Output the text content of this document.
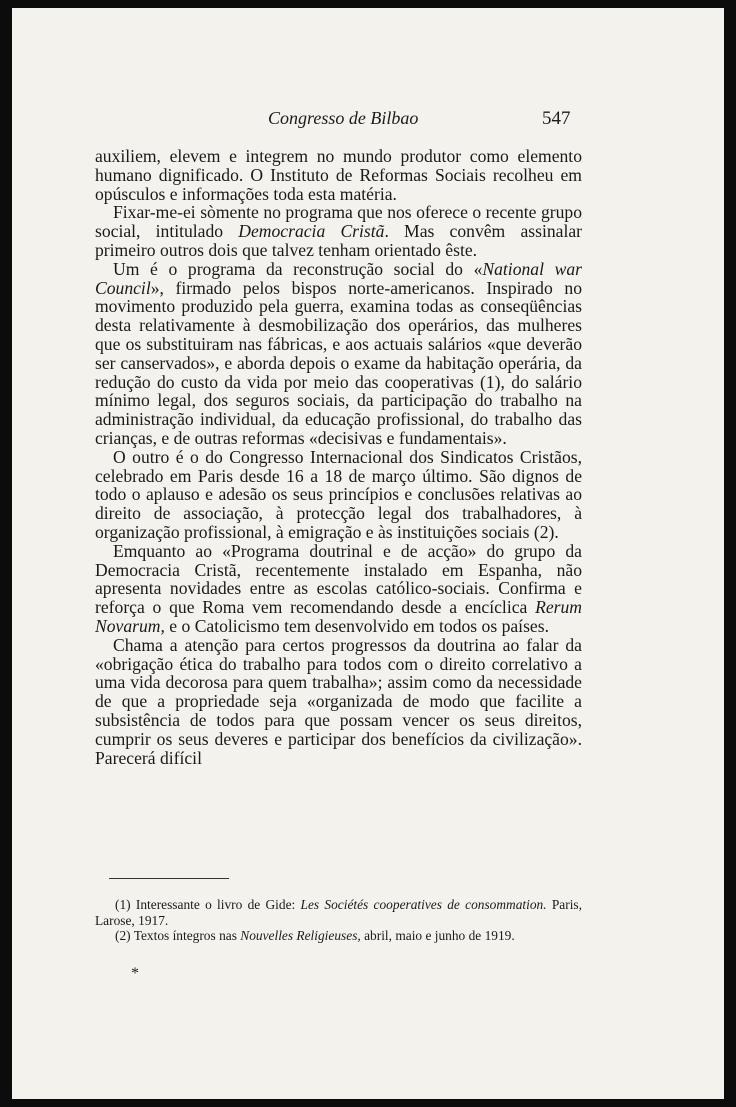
Congresso de Bilbao	547

auxiliem, elevem e integrem no mundo produtor como elemento humano dignificado. O Instituto de Reformas Sociais recolheu em opúsculos e informações toda esta matéria.

Fixar-me-ei sòmente no programa que nos oferece o recente grupo social, intitulado Democracia Cristã. Mas convêm assinalar primeiro outros dois que talvez tenham orientado êste.

Um é o programa da reconstrução social do «National war Council», firmado pelos bispos norte-americanos. Inspirado no movimento produzido pela guerra, examina todas as conseqüências desta relativamente à desmobilização dos operários, das mulheres que os substituiram nas fábricas, e aos actuais salários «que deverão ser canservados», e aborda depois o exame da habitação operária, da redução do custo da vida por meio das cooperativas (1), do salário mínimo legal, dos seguros sociais, da participação do trabalho na administração individual, da educação profissional, do trabalho das crianças, e de outras reformas «decisivas e fundamentais».

O outro é o do Congresso Internacional dos Sindicatos Cristãos, celebrado em Paris desde 16 a 18 de março último. São dignos de todo o aplauso e adesão os seus princípios e conclusões relativas ao direito de associação, à protecção legal dos trabalhadores, à organização profissional, à emigração e às instituições sociais (2).

Emquanto ao «Programa doutrinal e de acção» do grupo da Democracia Cristã, recentemente instalado em Espanha, não apresenta novidades entre as escolas católico-sociais. Confirma e reforça o que Roma vem recomendando desde a encíclica Rerum Novarum, e o Catolicismo tem desenvolvido em todos os países.

Chama a atenção para certos progressos da doutrina ao falar da «obrigação ética do trabalho para todos com o direito correlativo a uma vida decorosa para quem trabalha»; assim como da necessidade de que a propriedade seja «organizada de modo que facilite a subsistência de todos para que possam vencer os seus direitos, cumprir os seus deveres e participar dos benefícios da civilização». Parecerá difícil

(1) Interessante o livro de Gide: Les Sociétés cooperatives de consommation. Paris, Larose, 1917.

(2) Textos íntegros nas Nouvelles Religieuses, abril, maio e junho de 1919.

*
